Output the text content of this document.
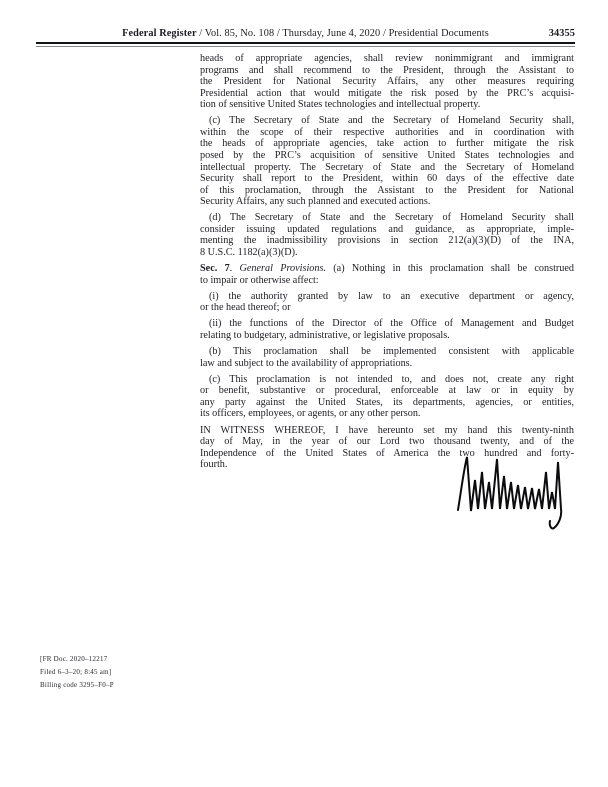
Federal Register / Vol. 85, No. 108 / Thursday, June 4, 2020 / Presidential Documents	34355
heads of appropriate agencies, shall review nonimmigrant and immigrant
programs and shall recommend to the President, through the Assistant to
the President for National Security Affairs, any other measures requiring
Presidential action that would mitigate the risk posed by the PRC’s acquisi-
tion of sensitive United States technologies and intellectual property.
(c) The Secretary of State and the Secretary of Homeland Security shall,
within the scope of their respective authorities and in coordination with
the heads of appropriate agencies, take action to further mitigate the risk
posed by the PRC’s acquisition of sensitive United States technologies and
intellectual property. The Secretary of State and the Secretary of Homeland
Security shall report to the President, within 60 days of the effective date
of this proclamation, through the Assistant to the President for National
Security Affairs, any such planned and executed actions.
(d) The Secretary of State and the Secretary of Homeland Security shall
consider issuing updated regulations and guidance, as appropriate, imple-
menting the inadmissibility provisions in section 212(a)(3)(D) of the INA,
8 U.S.C. 1182(a)(3)(D).
Sec. 7. General Provisions. (a) Nothing in this proclamation shall be construed
to impair or otherwise affect:
(i) the authority granted by law to an executive department or agency,
or the head thereof; or
(ii) the functions of the Director of the Office of Management and Budget
relating to budgetary, administrative, or legislative proposals.
(b) This proclamation shall be implemented consistent with applicable
law and subject to the availability of appropriations.
(c) This proclamation is not intended to, and does not, create any right
or benefit, substantive or procedural, enforceable at law or in equity by
any party against the United States, its departments, agencies, or entities,
its officers, employees, or agents, or any other person.
IN WITNESS WHEREOF, I have hereunto set my hand this twenty-ninth
day of May, in the year of our Lord two thousand twenty, and of the
Independence of the United States of America the two hundred and forty-
fourth.
[FR Doc. 2020–12217
Filed 6–3–20; 8:45 am]
Billing code 3295–F0–P
